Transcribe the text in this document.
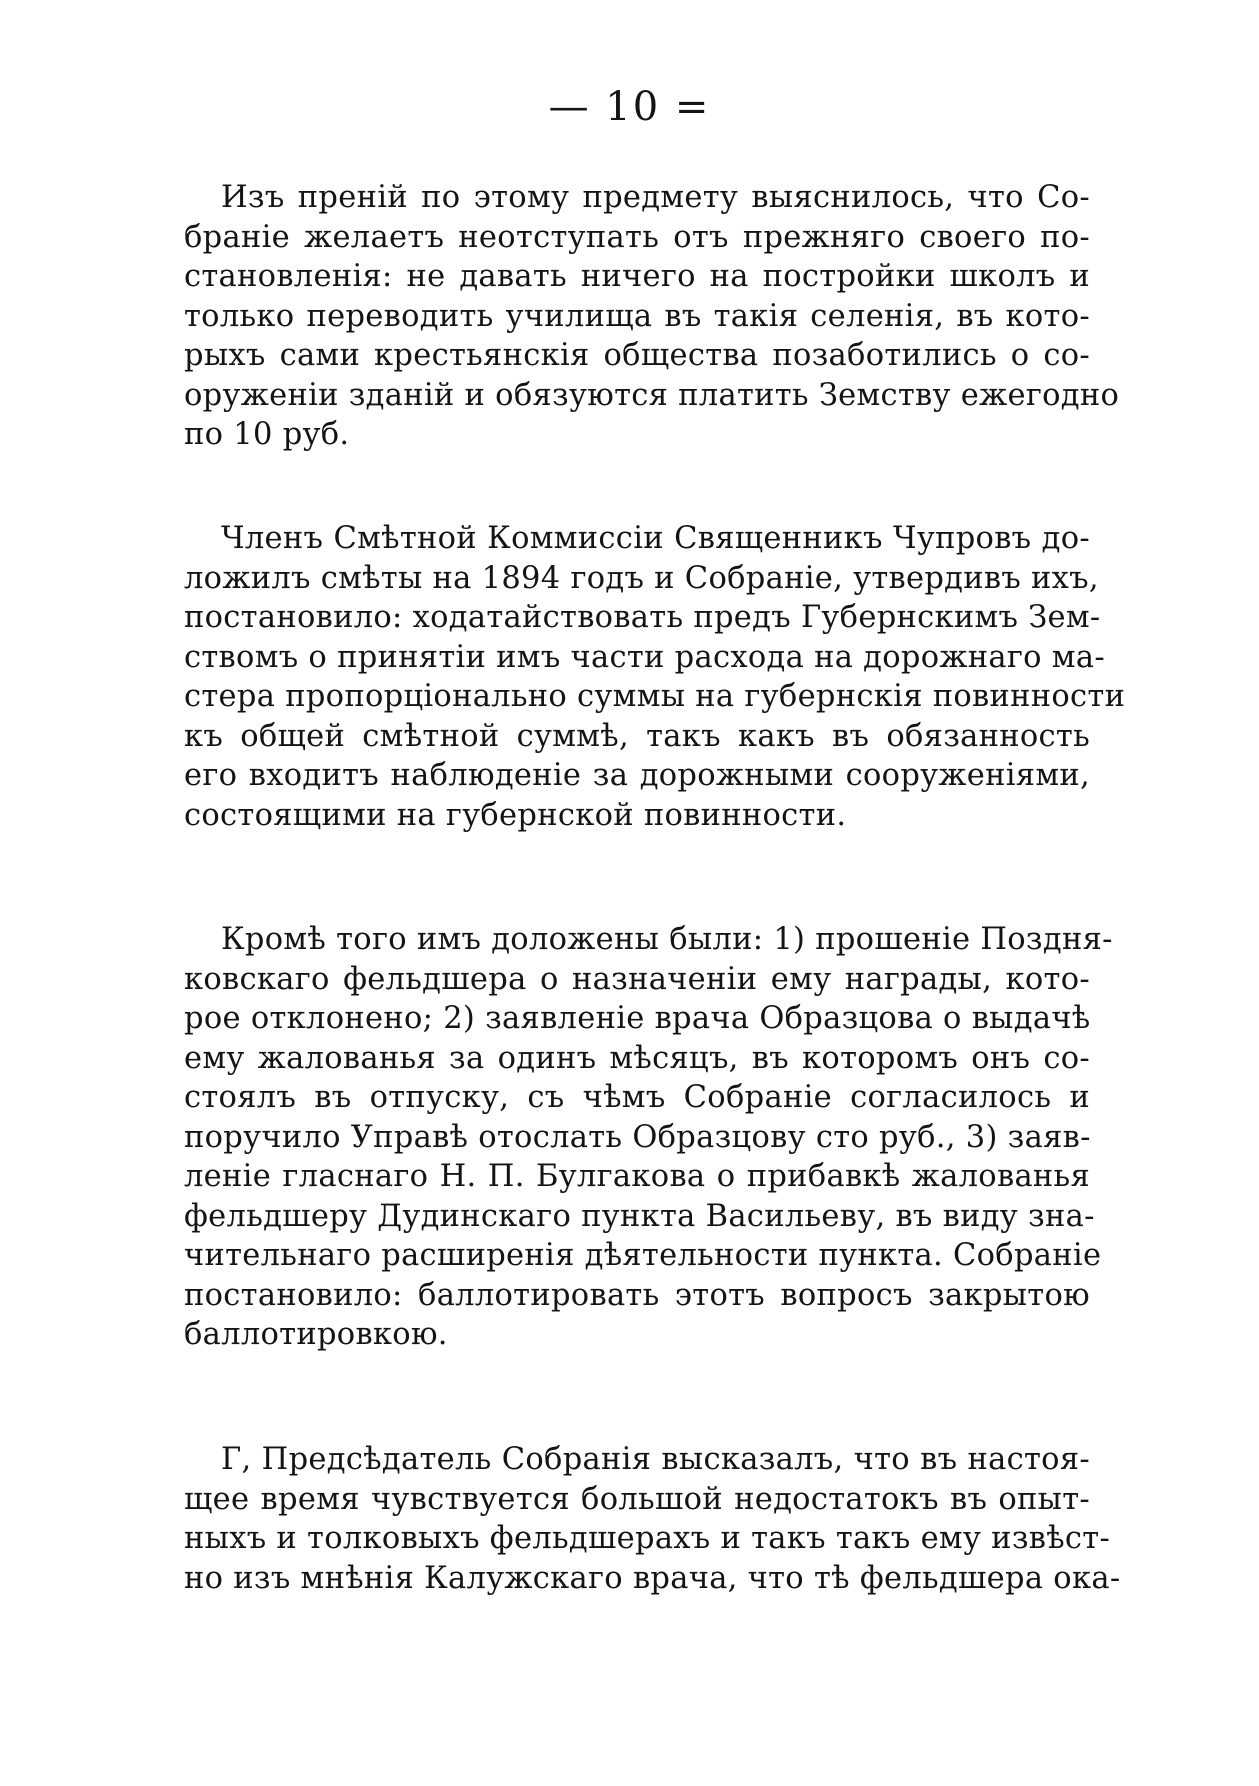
— 10 =
Изъ преній по этому предмету выяснилось, что Со-
браніе желаетъ неотступать отъ прежняго своего по-
становленія: не давать ничего на постройки школъ и
только переводить училища въ такія селенія, въ кото-
рыхъ сами крестьянскія общества позаботились о со-
оруженіи зданій и обязуются платить Земству ежегодно
по 10 руб.
Членъ Смѣтной Коммиссіи Священникъ Чупровъ до-
ложилъ смѣты на 1894 годъ и Собраніе, утвердивъ ихъ,
постановило: ходатайствовать предъ Губернскимъ Зем-
ствомъ о принятіи имъ части расхода на дорожнаго ма-
стера пропорціонально суммы на губернскія повинности
къ общей смѣтной суммѣ, такъ какъ въ обязанность
его входитъ наблюденіе за дорожными сооруженіями,
состоящими на губернской повинности.
Кромѣ того имъ доложены были: 1) прошеніе Поздня-
ковскаго фельдшера о назначеніи ему награды, кото-
рое отклонено; 2) заявленіе врача Образцова о выдачѣ
ему жалованья за одинъ мѣсяцъ, въ которомъ онъ со-
стоялъ въ отпуску, съ чѣмъ Собраніе согласилось и
поручило Управѣ отослать Образцову сто руб., 3) заяв-
леніе гласнаго Н. П. Булгакова о прибавкѣ жалованья
фельдшеру Дудинскаго пункта Васильеву, въ виду зна-
чительнаго расширенія дѣятельности пункта. Собраніе
постановило: баллотировать этотъ вопросъ закрытою
баллотировкою.
Г, Предсѣдатель Собранія высказалъ, что въ настоя-
щее время чувствуется большой недостатокъ въ опыт-
ныхъ и толковыхъ фельдшерахъ и такъ такъ ему извѣст-
но изъ мнѣнія Калужскаго врача, что тѣ фельдшера ока-
